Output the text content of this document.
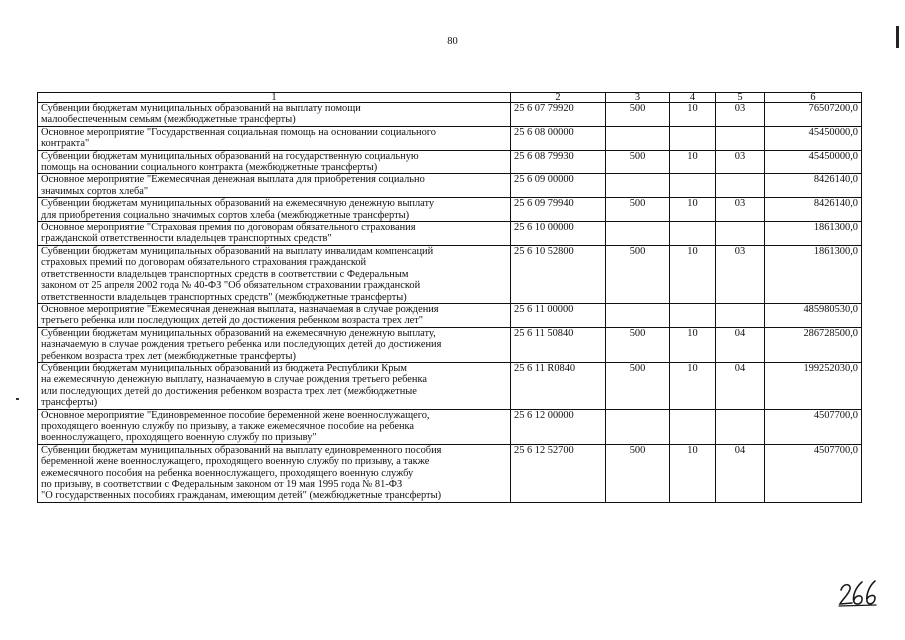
80
1	2	3	4	5	6
Субвенции бюджетам муниципальных образований на выплату помощи
малообеспеченным семьям (межбюджетные трансферты)	25 6 07 79920	500	10	03	76507200,0
Основное мероприятие "Государственная социальная помощь на основании социального
контракта"	25 6 08 00000				45450000,0
Субвенции бюджетам муниципальных образований на государственную социальную
помощь на основании социального контракта (межбюджетные трансферты)	25 6 08 79930	500	10	03	45450000,0
Основное мероприятие "Ежемесячная денежная выплата для приобретения социально
значимых сортов хлеба"	25 6 09 00000				8426140,0
Субвенции бюджетам муниципальных образований на ежемесячную денежную выплату
для приобретения социально значимых сортов хлеба (межбюджетные трансферты)	25 6 09 79940	500	10	03	8426140,0
Основное мероприятие "Страховая премия по договорам обязательного страхования
гражданской ответственности владельцев транспортных средств"	25 6 10 00000				1861300,0
Субвенции бюджетам муниципальных образований на выплату инвалидам компенсаций
страховых премий по договорам обязательного страхования гражданской
ответственности владельцев транспортных средств в соответствии с Федеральным
законом от 25 апреля 2002 года № 40-ФЗ "Об обязательном страховании гражданской
ответственности владельцев транспортных средств" (межбюджетные трансферты)	25 6 10 52800	500	10	03	1861300,0
Основное мероприятие "Ежемесячная денежная выплата, назначаемая в случае рождения
третьего ребенка или последующих детей до достижения ребенком возраста трех лет"	25 6 11 00000				485980530,0
Субвенции бюджетам муниципальных образований на ежемесячную денежную выплату,
назначаемую в случае рождения третьего ребенка или последующих детей до достижения
ребенком возраста трех лет (межбюджетные трансферты)	25 6 11 50840	500	10	04	286728500,0
Субвенции бюджетам муниципальных образований из бюджета Республики Крым
на ежемесячную денежную выплату, назначаемую в случае рождения третьего ребенка
или последующих детей до достижения ребенком возраста трех лет (межбюджетные
трансферты)	25 6 11 R0840	500	10	04	199252030,0
Основное мероприятие "Единовременное пособие беременной жене военнослужащего,
проходящего военную службу по призыву, а также ежемесячное пособие на ребенка
военнослужащего, проходящего военную службу по призыву"	25 6 12 00000				4507700,0
Субвенции бюджетам муниципальных образований на выплату единовременного пособия
беременной жене военнослужащего, проходящего военную службу по призыву, а также
ежемесячного пособия на ребенка военнослужащего, проходящего военную службу
по призыву, в соответствии с Федеральным законом от 19 мая 1995 года № 81-ФЗ
"О государственных пособиях гражданам, имеющим детей" (межбюджетные трансферты)	25 6 12 52700	500	10	04	4507700,0
